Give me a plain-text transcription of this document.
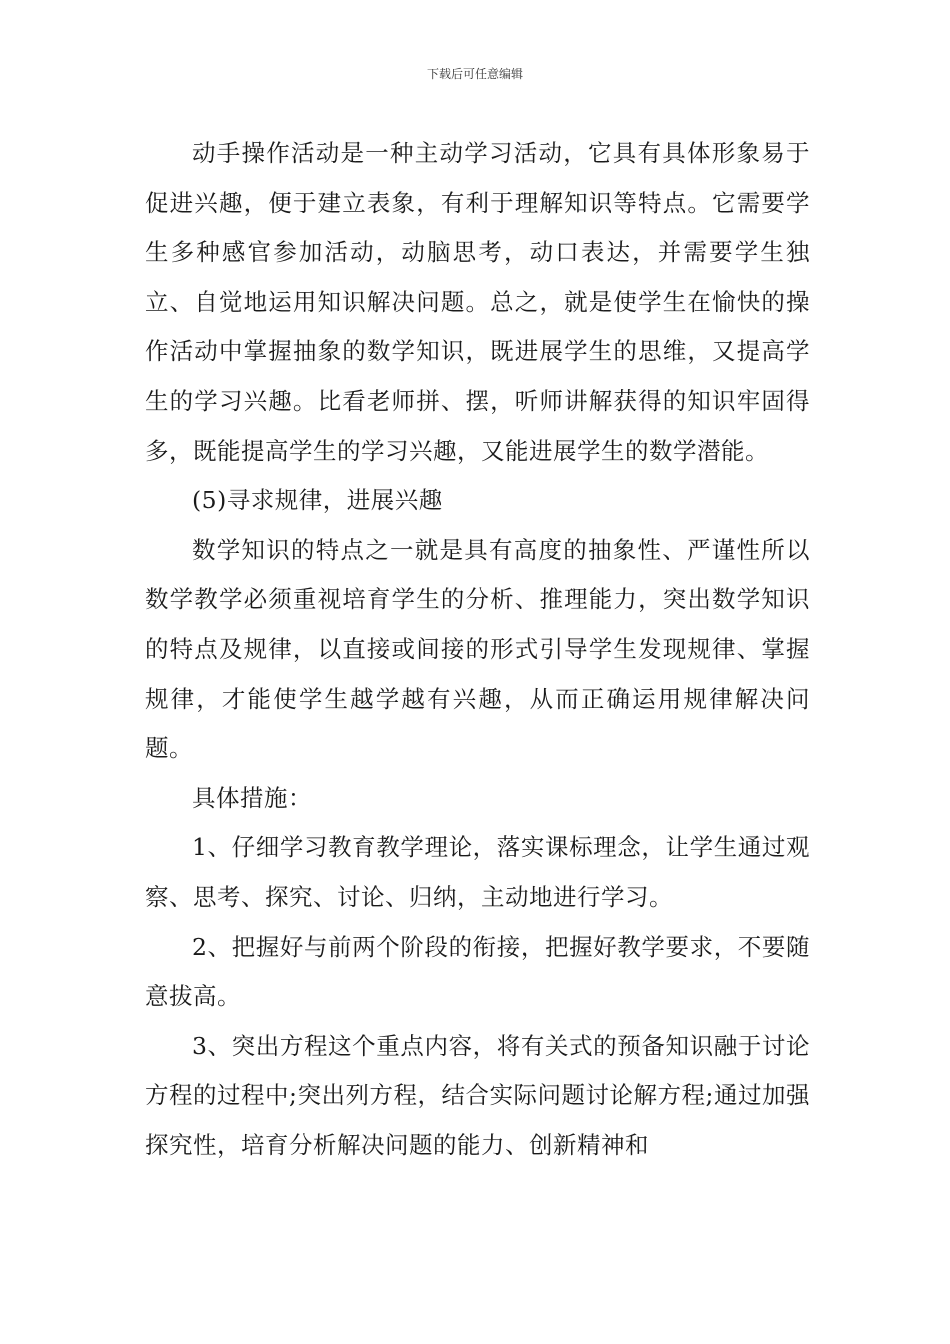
下载后可任意编辑

动手操作活动是一种主动学习活动，它具有具体形象易于促进兴趣，便于建立表象，有利于理解知识等特点。它需要学生多种感官参加活动，动脑思考，动口表达，并需要学生独立、自觉地运用知识解决问题。总之，就是使学生在愉快的操作活动中掌握抽象的数学知识，既进展学生的思维，又提高学生的学习兴趣。比看老师拼、摆，听师讲解获得的知识牢固得多，既能提高学生的学习兴趣，又能进展学生的数学潜能。

(5)寻求规律，进展兴趣

数学知识的特点之一就是具有高度的抽象性、严谨性所以数学教学必须重视培育学生的分析、推理能力，突出数学知识的特点及规律，以直接或间接的形式引导学生发现规律、掌握规律，才能使学生越学越有兴趣，从而正确运用规律解决问题。

具体措施：

1、仔细学习教育教学理论，落实课标理念，让学生通过观察、思考、探究、讨论、归纳，主动地进行学习。

2、把握好与前两个阶段的衔接，把握好教学要求，不要随意拔高。

3、突出方程这个重点内容，将有关式的预备知识融于讨论方程的过程中;突出列方程，结合实际问题讨论解方程;通过加强探究性，培育分析解决问题的能力、创新精神和
